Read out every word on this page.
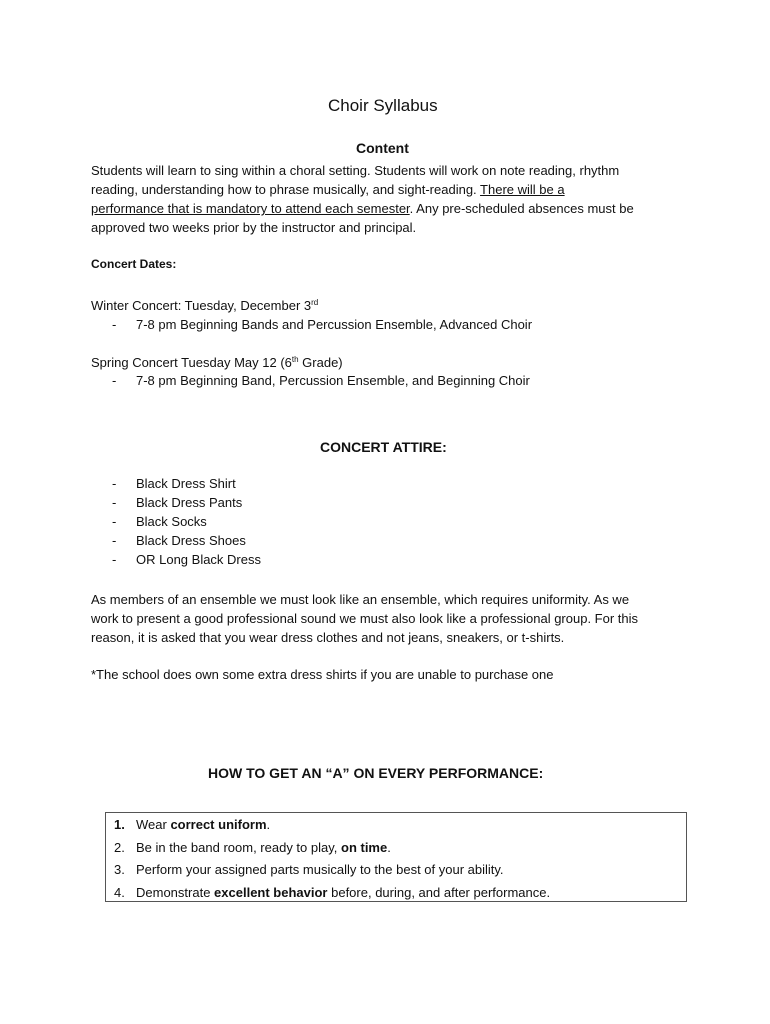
Choir Syllabus
Content
Students will learn to sing within a choral setting. Students will work on note reading, rhythm
reading, understanding how to phrase musically, and sight-reading. There will be a
performance that is mandatory to attend each semester. Any pre-scheduled absences must be
approved two weeks prior by the instructor and principal.
Concert Dates:
Winter Concert: Tuesday, December 3rd
- 7-8 pm Beginning Bands and Percussion Ensemble, Advanced Choir
Spring Concert Tuesday May 12 (6th Grade)
- 7-8 pm Beginning Band, Percussion Ensemble, and Beginning Choir
CONCERT ATTIRE:
- Black Dress Shirt
- Black Dress Pants
- Black Socks
- Black Dress Shoes
- OR Long Black Dress
As members of an ensemble we must look like an ensemble, which requires uniformity. As we
work to present a good professional sound we must also look like a professional group. For this
reason, it is asked that you wear dress clothes and not jeans, sneakers, or t-shirts.
*The school does own some extra dress shirts if you are unable to purchase one
HOW TO GET AN “A” ON EVERY PERFORMANCE:
1. Wear correct uniform.
2. Be in the band room, ready to play, on time.
3. Perform your assigned parts musically to the best of your ability.
4. Demonstrate excellent behavior before, during, and after performance.
